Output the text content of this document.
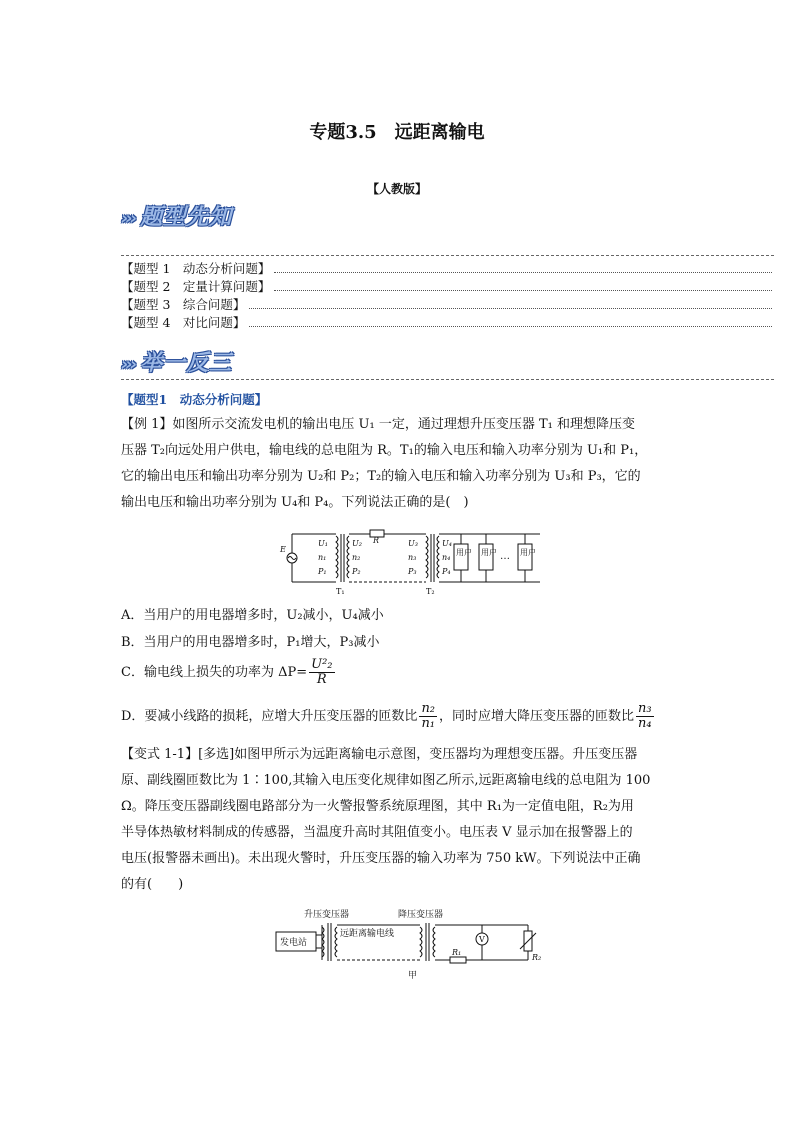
专题3.5　远距离输电
【人教版】
››› 题型先知
【题型 1　动态分析问题】
【题型 2　定量计算问题】
【题型 3　综合问题】
【题型 4　对比问题】
››› 举一反三
【题型1　动态分析问题】
【例 1】如图所示交流发电机的输出电压 U₁ 一定，通过理想升压变压器 T₁ 和理想降压变
压器 T₂向远处用户供电，输电线的总电阻为 R。T₁的输入电压和输入功率分别为 U₁和 P₁，
它的输出电压和输出功率分别为 U₂和 P₂；T₂的输入电压和输入功率分别为 U₃和 P₃，它的
输出电压和输出功率分别为 U₄和 P₄。下列说法正确的是(　)
E
R
U₁
n₁
P₁
U₂
n₂
P₂
U₃
n₃
P₃
U₄
n₄
P₄
T₁	T₂
用户 用户	用户
…
A．当用户的用电器增多时，U₂减小，U₄减小
B．当用户的用电器增多时，P₁增大，P₃减小
C．输电线上损失的功率为 $\Delta P= \frac{\text{U²₂}}{R}$
D．要减小线路的损耗，应增大升压变压器的匝数比 $\frac{\text{n₂}}{\text{n₁}}$ ，同时应增大降压变压器的匝数比 $\frac{\text{n₃}}{\text{n₄}}$
【变式 1-1】[多选]如图甲所示为远距离输电示意图，变压器均为理想变压器。升压变压器
原、副线圈匝数比为 1∶100,其输入电压变化规律如图乙所示,远距离输电线的总电阻为 100
Ω。降压变压器副线圈电路部分为一火警报警系统原理图，其中 R₁为一定值电阻，R₂为用
半导体热敏材料制成的传感器，当温度升高时其阻值变小。电压表 V 显示加在报警器上的
电压(报警器未画出)。未出现火警时，升压变压器的输入功率为 750 kW。下列说法中正确
的有(　　)
升压变压器	降压变压器
发电站
远距离输电线
甲
V
R₁
R₂
